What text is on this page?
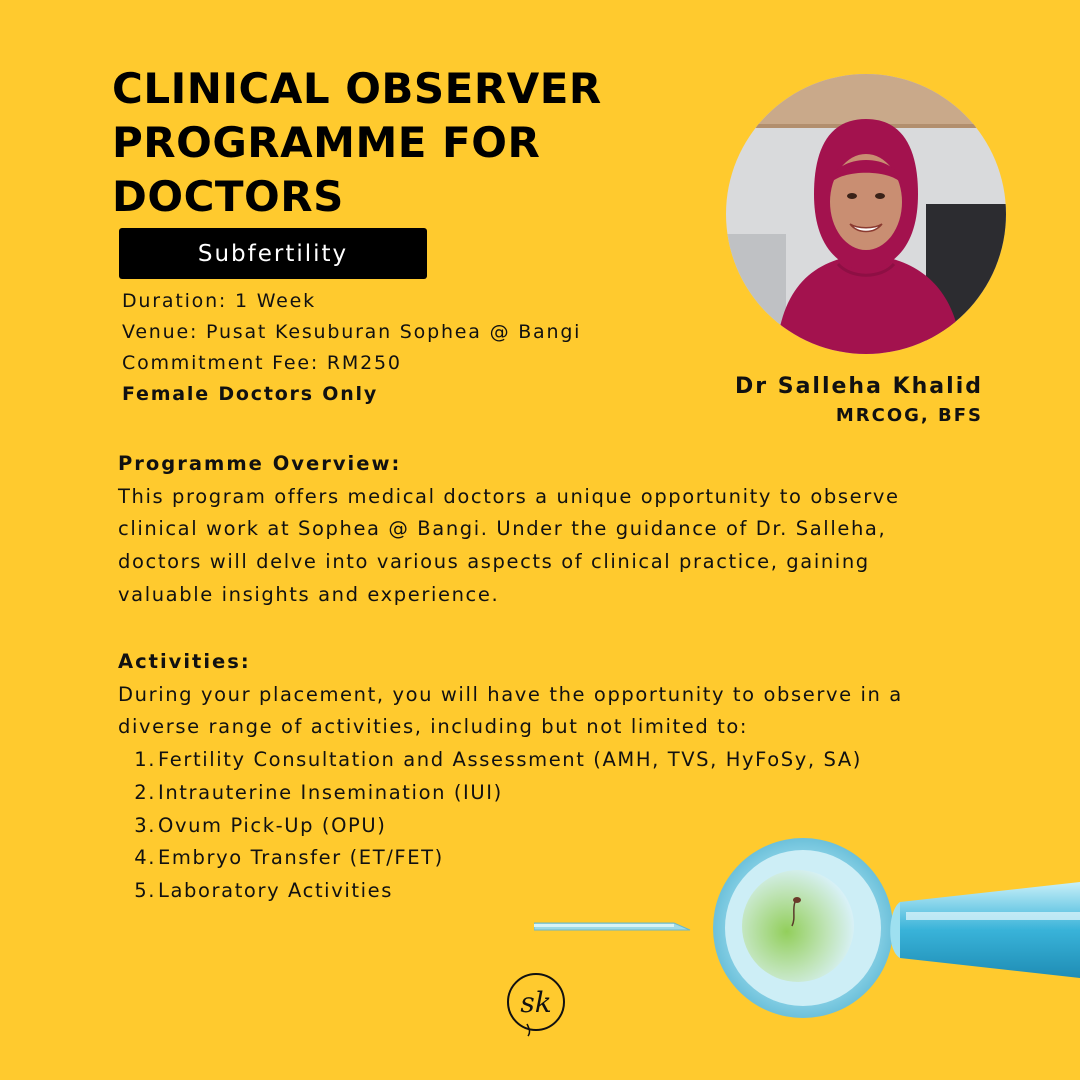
CLINICAL OBSERVER
PROGRAMME FOR
DOCTORS
Subfertility
Duration: 1 Week
Venue: Pusat Kesuburan Sophea @ Bangi
Commitment Fee: RM250
Female Doctors Only	Dr Salleha Khalid
MRCOG, BFS
Programme Overview:
This program offers medical doctors a unique opportunity to observe
clinical work at Sophea @ Bangi. Under the guidance of Dr. Salleha,
doctors will delve into various aspects of clinical practice, gaining
valuable insights and experience.
Activities:
During your placement, you will have the opportunity to observe in a
diverse range of activities, including but not limited to:
1. Fertility Consultation and Assessment (AMH, TVS, HyFoSy, SA)
2. Intrauterine Insemination (IUI)
3. Ovum Pick-Up (OPU)
4. Embryo Transfer (ET/FET)
5. Laboratory Activities
sk
